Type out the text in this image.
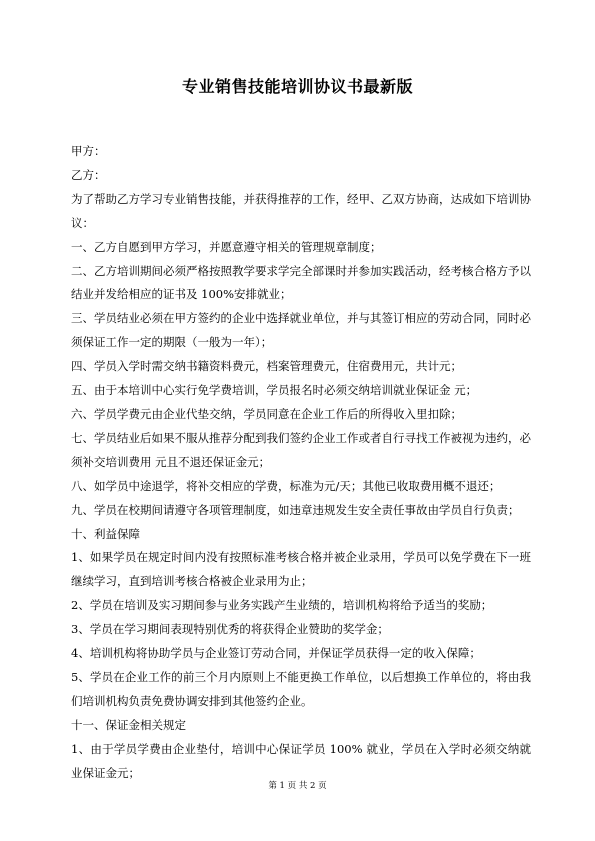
专业销售技能培训协议书最新版

甲方：

乙方：

为了帮助乙方学习专业销售技能，并获得推荐的工作，经甲、乙双方协商，达成如下培训协议：

一、乙方自愿到甲方学习，并愿意遵守相关的管理规章制度；

二、乙方培训期间必须严格按照教学要求学完全部课时并参加实践活动，经考核合格方予以结业并发给相应的证书及 100%安排就业；

三、学员结业必须在甲方签约的企业中选择就业单位，并与其签订相应的劳动合同，同时必须保证工作一定的期限（一般为一年）；

四、学员入学时需交纳书籍资料费元，档案管理费元，住宿费用元，共计元；

五、由于本培训中心实行免学费培训，学员报名时必须交纳培训就业保证金 元；

六、学员学费元由企业代垫交纳，学员同意在企业工作后的所得收入里扣除；

七、学员结业后如果不服从推荐分配到我们签约企业工作或者自行寻找工作被视为违约，必须补交培训费用 元且不退还保证金元；

八、如学员中途退学，将补交相应的学费，标准为元/天；其他已收取费用概不退还；

九、学员在校期间请遵守各项管理制度，如违章违规发生安全责任事故由学员自行负责；

十、利益保障

1、如果学员在规定时间内没有按照标准考核合格并被企业录用，学员可以免学费在下一班继续学习，直到培训考核合格被企业录用为止；

2、学员在培训及实习期间参与业务实践产生业绩的，培训机构将给予适当的奖励；

3、学员在学习期间表现特别优秀的将获得企业赞助的奖学金；

4、培训机构将协助学员与企业签订劳动合同，并保证学员获得一定的收入保障；

5、学员在企业工作的前三个月内原则上不能更换工作单位，以后想换工作单位的，将由我们培训机构负责免费协调安排到其他签约企业。

十一、保证金相关规定

1、由于学员学费由企业垫付，培训中心保证学员 100% 就业，学员在入学时必须交纳就业保证金元；

第 1 页 共 2 页
